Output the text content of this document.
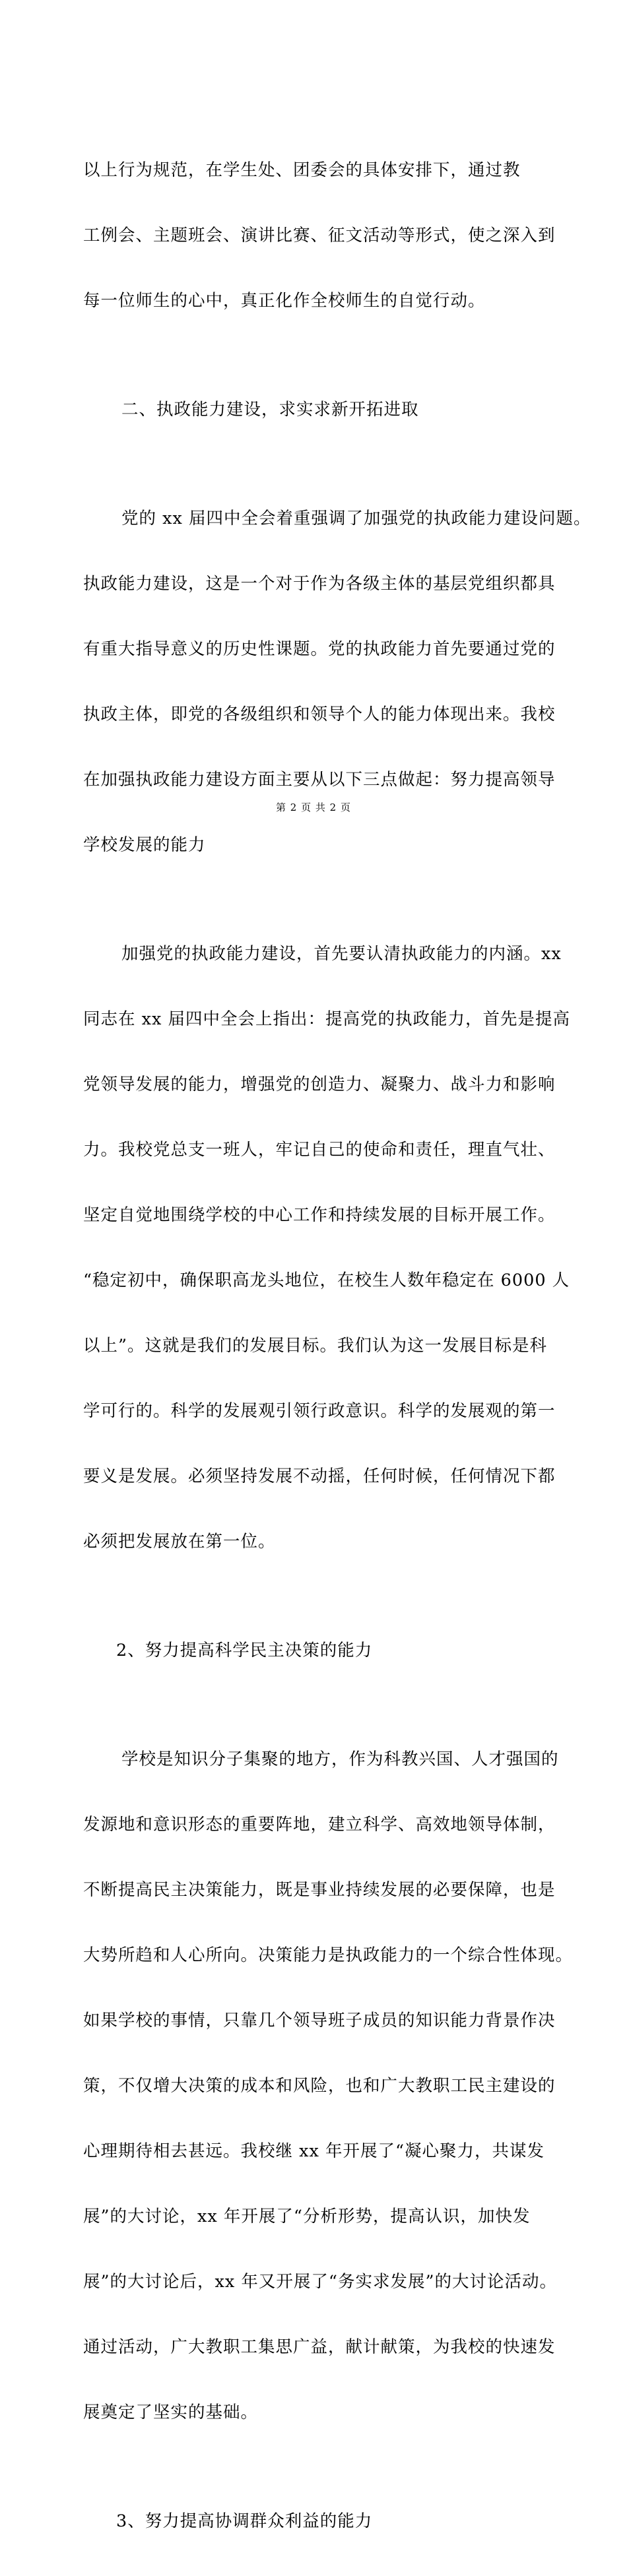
以上行为规范，在学生处、团委会的具体安排下，通过教

工例会、主题班会、演讲比赛、征文活动等形式，使之深入到

每一位师生的心中，真正化作全校师生的自觉行动。

二、执政能力建设，求实求新开拓进取

党的 xx 届四中全会着重强调了加强党的执政能力建设问题。

执政能力建设，这是一个对于作为各级主体的基层党组织都具

有重大指导意义的历史性课题。党的执政能力首先要通过党的

执政主体，即党的各级组织和领导个人的能力体现出来。我校

在加强执政能力建设方面主要从以下三点做起：努力提高领导

学校发展的能力

加强党的执政能力建设，首先要认清执政能力的内涵。xx

同志在 xx 届四中全会上指出：提高党的执政能力，首先是提高

党领导发展的能力，增强党的创造力、凝聚力、战斗力和影响

力。我校党总支一班人，牢记自己的使命和责任，理直气壮、

坚定自觉地围绕学校的中心工作和持续发展的目标开展工作。

“稳定初中，确保职高龙头地位，在校生人数年稳定在 6000 人

以上”。这就是我们的发展目标。我们认为这一发展目标是科

学可行的。科学的发展观引领行政意识。科学的发展观的第一

要义是发展。必须坚持发展不动摇，任何时候，任何情况下都

必须把发展放在第一位。

2、努力提高科学民主决策的能力

学校是知识分子集聚的地方，作为科教兴国、人才强国的

发源地和意识形态的重要阵地，建立科学、高效地领导体制，

不断提高民主决策能力，既是事业持续发展的必要保障，也是

大势所趋和人心所向。决策能力是执政能力的一个综合性体现。

如果学校的事情，只靠几个领导班子成员的知识能力背景作决

策，不仅增大决策的成本和风险，也和广大教职工民主建设的

心理期待相去甚远。我校继 xx 年开展了“凝心聚力，共谋发

展”的大讨论，xx 年开展了“分析形势，提高认识，加快发

展”的大讨论后，xx 年又开展了“务实求发展”的大讨论活动。

通过活动，广大教职工集思广益，献计献策，为我校的快速发

展奠定了坚实的基础。

3、努力提高协调群众利益的能力

第 2 页 共 2 页
